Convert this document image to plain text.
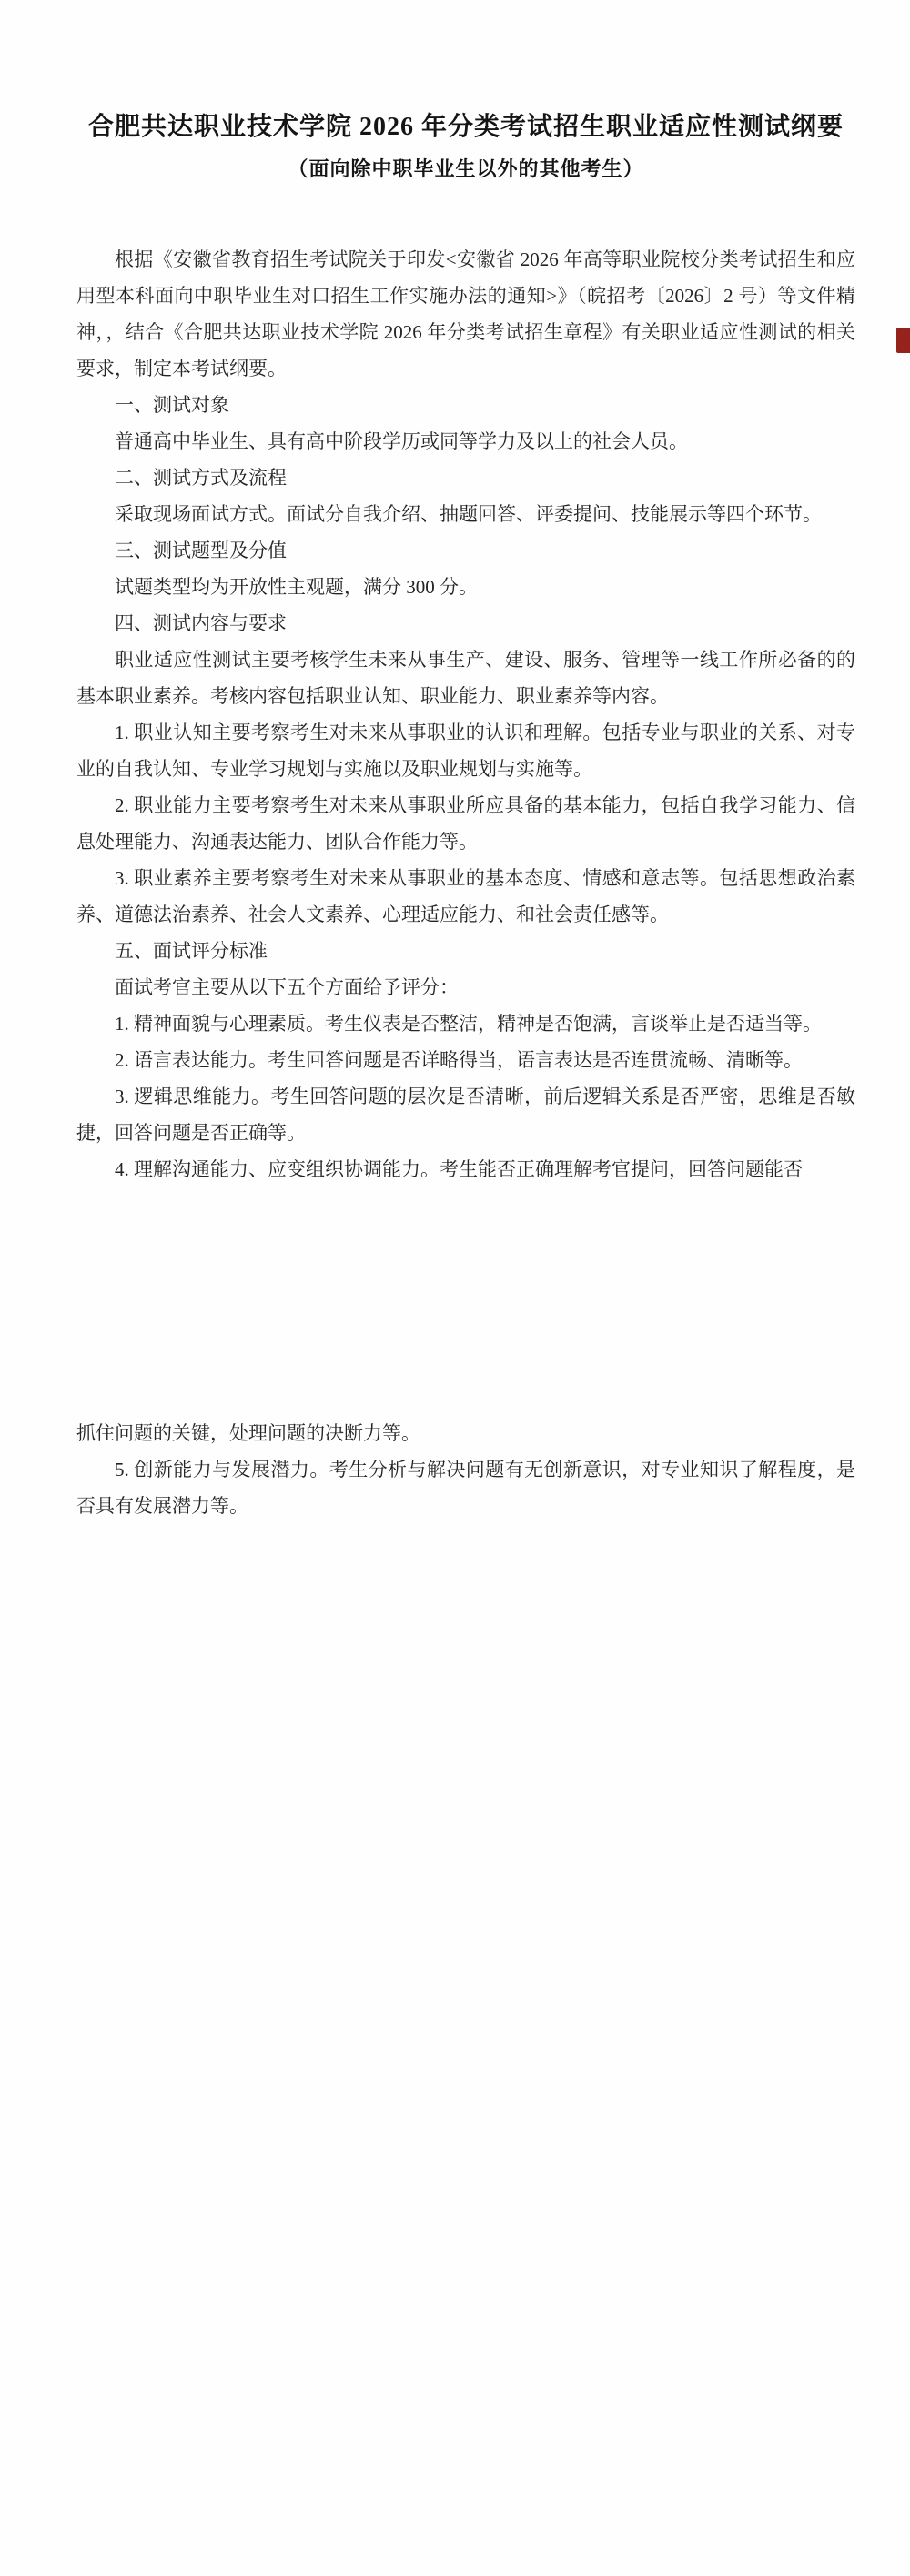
合肥共达职业技术学院 2026 年分类考试招生职业适应性测试纲要
（面向除中职毕业生以外的其他考生）

根据《安徽省教育招生考试院关于印发<安徽省 2026 年高等职业院校分类考试招生和应用型本科面向中职毕业生对口招生工作实施办法的通知>》（皖招考〔2026〕2 号）等文件精神，，结合《合肥共达职业技术学院 2026 年分类考试招生章程》有关职业适应性测试的相关要求，制定本考试纲要。

一、测试对象

普通高中毕业生、具有高中阶段学历或同等学力及以上的社会人员。

二、测试方式及流程

采取现场面试方式。面试分自我介绍、抽题回答、评委提问、技能展示等四个环节。

三、测试题型及分值

试题类型均为开放性主观题，满分 300 分。

四、测试内容与要求

职业适应性测试主要考核学生未来从事生产、建设、服务、管理等一线工作所必备的的基本职业素养。考核内容包括职业认知、职业能力、职业素养等内容。

1. 职业认知主要考察考生对未来从事职业的认识和理解。包括专业与职业的关系、对专业的自我认知、专业学习规划与实施以及职业规划与实施等。

2. 职业能力主要考察考生对未来从事职业所应具备的基本能力，包括自我学习能力、信息处理能力、沟通表达能力、团队合作能力等。

3. 职业素养主要考察考生对未来从事职业的基本态度、情感和意志等。包括思想政治素养、道德法治素养、社会人文素养、心理适应能力、和社会责任感等。

五、面试评分标准

面试考官主要从以下五个方面给予评分：

1. 精神面貌与心理素质。考生仪表是否整洁，精神是否饱满，言谈举止是否适当等。

2. 语言表达能力。考生回答问题是否详略得当，语言表达是否连贯流畅、清晰等。

3. 逻辑思维能力。考生回答问题的层次是否清晰，前后逻辑关系是否严密，思维是否敏捷，回答问题是否正确等。

4. 理解沟通能力、应变组织协调能力。考生能否正确理解考官提问，回答问题能否

抓住问题的关键，处理问题的决断力等。

5. 创新能力与发展潜力。考生分析与解决问题有无创新意识，对专业知识了解程度，是否具有发展潜力等。
